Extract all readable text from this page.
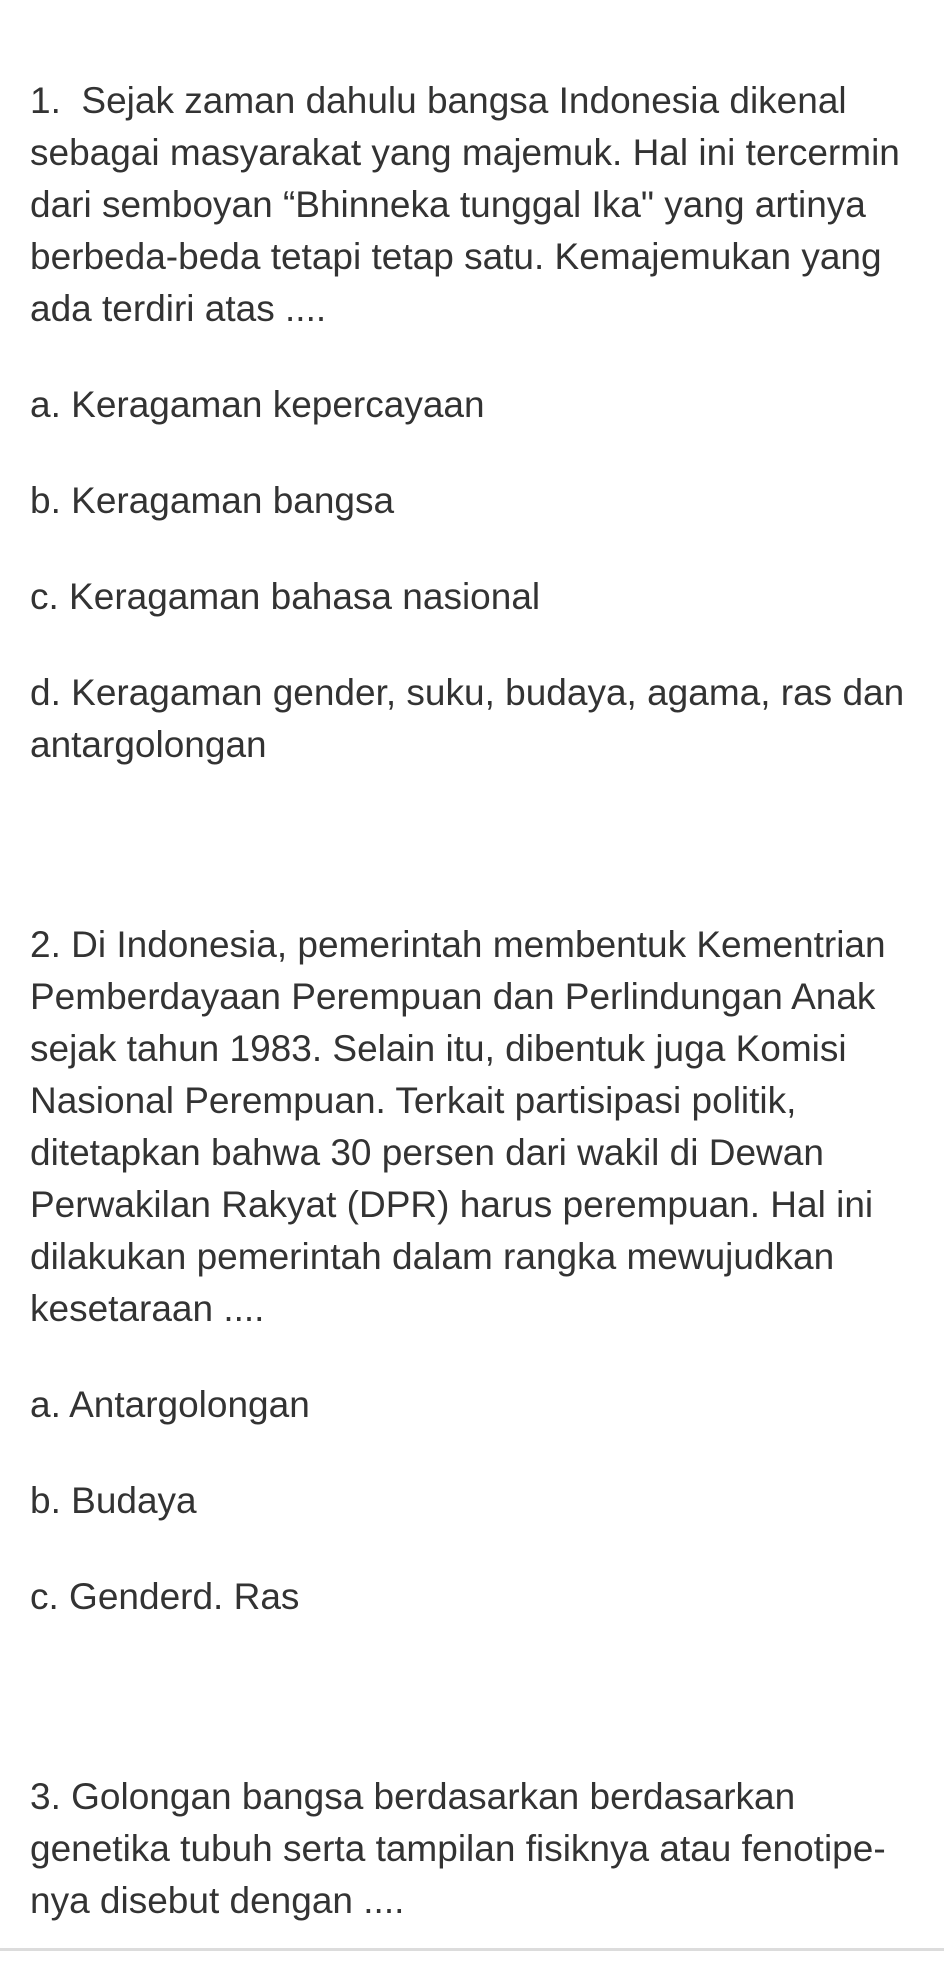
1.  Sejak zaman dahulu bangsa Indonesia dikenal sebagai masyarakat yang majemuk. Hal ini tercermin dari semboyan “Bhinneka tunggal Ika" yang artinya berbeda-beda tetapi tetap satu. Kemajemukan yang ada terdiri atas ....

a. Keragaman kepercayaan

b. Keragaman bangsa

c. Keragaman bahasa nasional

d. Keragaman gender, suku, budaya, agama, ras dan antargolongan

2. Di Indonesia, pemerintah membentuk Kementrian Pemberdayaan Perempuan dan Perlindungan Anak sejak tahun 1983. Selain itu, dibentuk juga Komisi Nasional Perempuan. Terkait partisipasi politik, ditetapkan bahwa 30 persen dari wakil di Dewan Perwakilan Rakyat (DPR) harus perempuan. Hal ini dilakukan pemerintah dalam rangka mewujudkan kesetaraan ....

a. Antargolongan

b. Budaya

c. Genderd. Ras

3. Golongan bangsa berdasarkan berdasarkan genetika tubuh serta tampilan fisiknya atau fenotipe-nya disebut dengan ....
